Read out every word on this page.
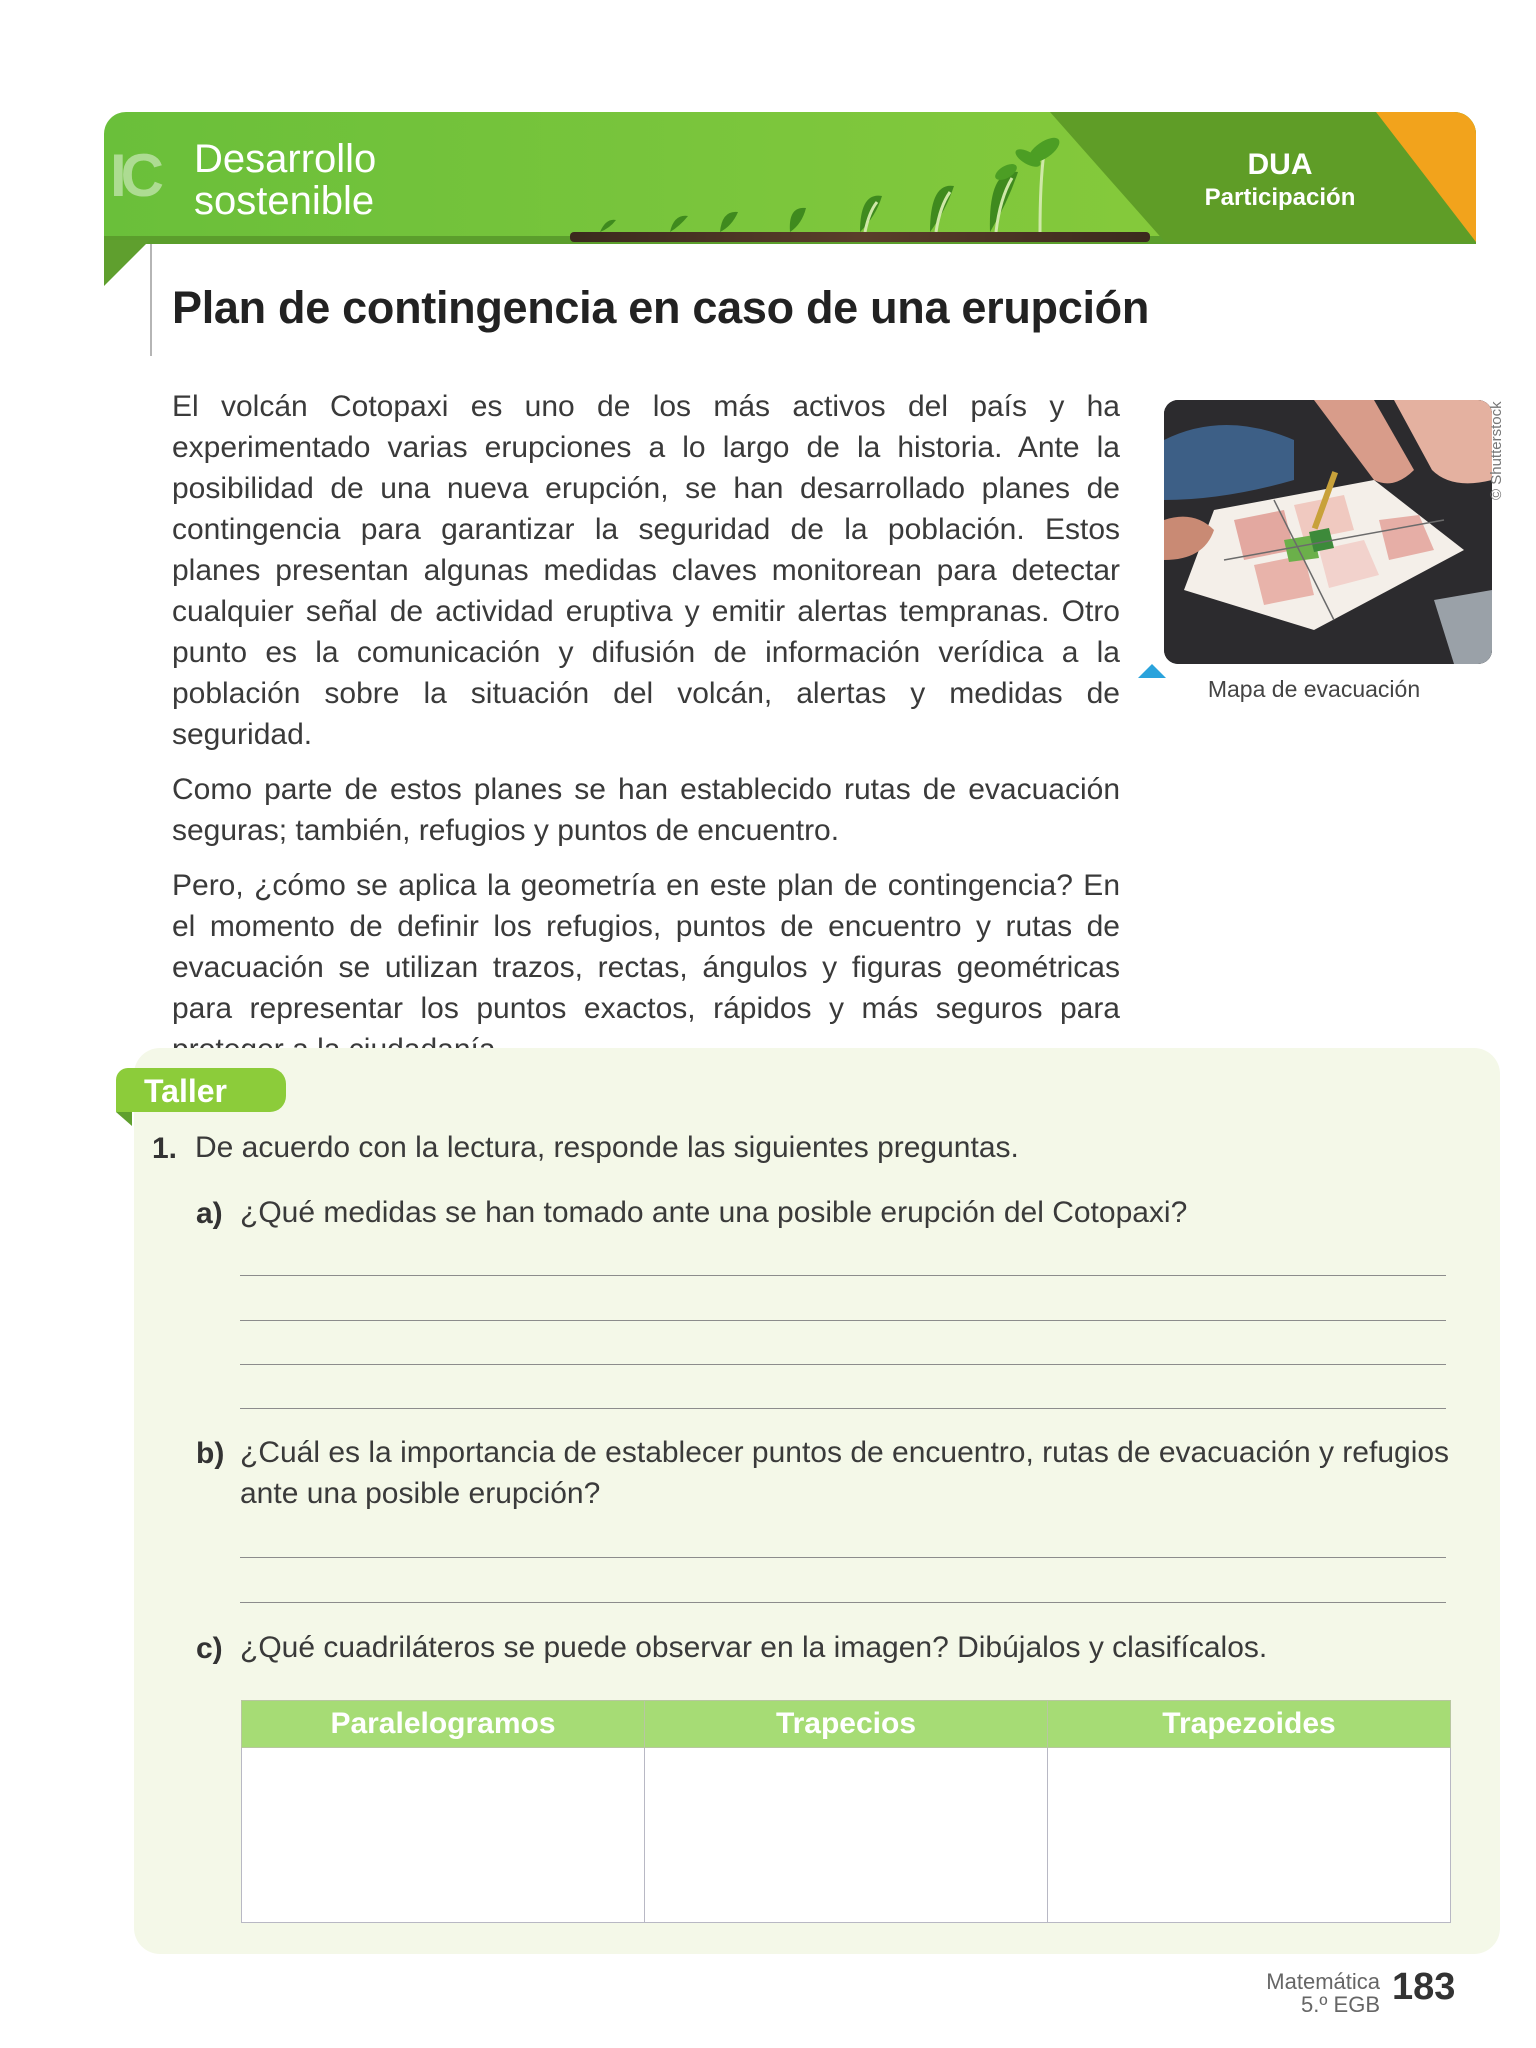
IC Desarrollo
sostenible
DUA
Participación
Plan de contingencia en caso de una erupción

El volcán Cotopaxi es uno de los más activos del país y ha experimentado varias erupciones a lo largo de la historia. Ante la posibilidad de una nueva erupción, se han desarrollado planes de contingencia para garantizar la seguridad de la población. Estos planes presentan algunas medidas claves monitorean para detectar cualquier señal de actividad eruptiva y emitir alertas tempranas. Otro punto es la comunicación y difusión de información verídica a la población sobre la situación del volcán, alertas y medidas de seguridad.

Como parte de estos planes se han establecido rutas de evacuación seguras; también, refugios y puntos de encuentro.

Pero, ¿cómo se aplica la geometría en este plan de contingencia? En el momento de definir los refugios, puntos de encuentro y rutas de evacuación se utilizan trazos, rectas, ángulos y figuras geométricas para representar los puntos exactos, rápidos y más seguros para

Mapa de evacuación
© Shutterstock
Taller
1. De acuerdo con la lectura, responde las siguientes preguntas.
a) ¿Qué medidas se han tomado ante una posible erupción del Cotopaxi?
b) ¿Cuál es la importancia de establecer puntos de encuentro, rutas de evacuación y refugios
ante una posible erupción?
c) ¿Qué cuadriláteros se puede observar en la imagen? Dibújalos y clasifícalos.
Paralelogramos	Trapecios	Trapezoides

Matemática
5.º EGB 183
